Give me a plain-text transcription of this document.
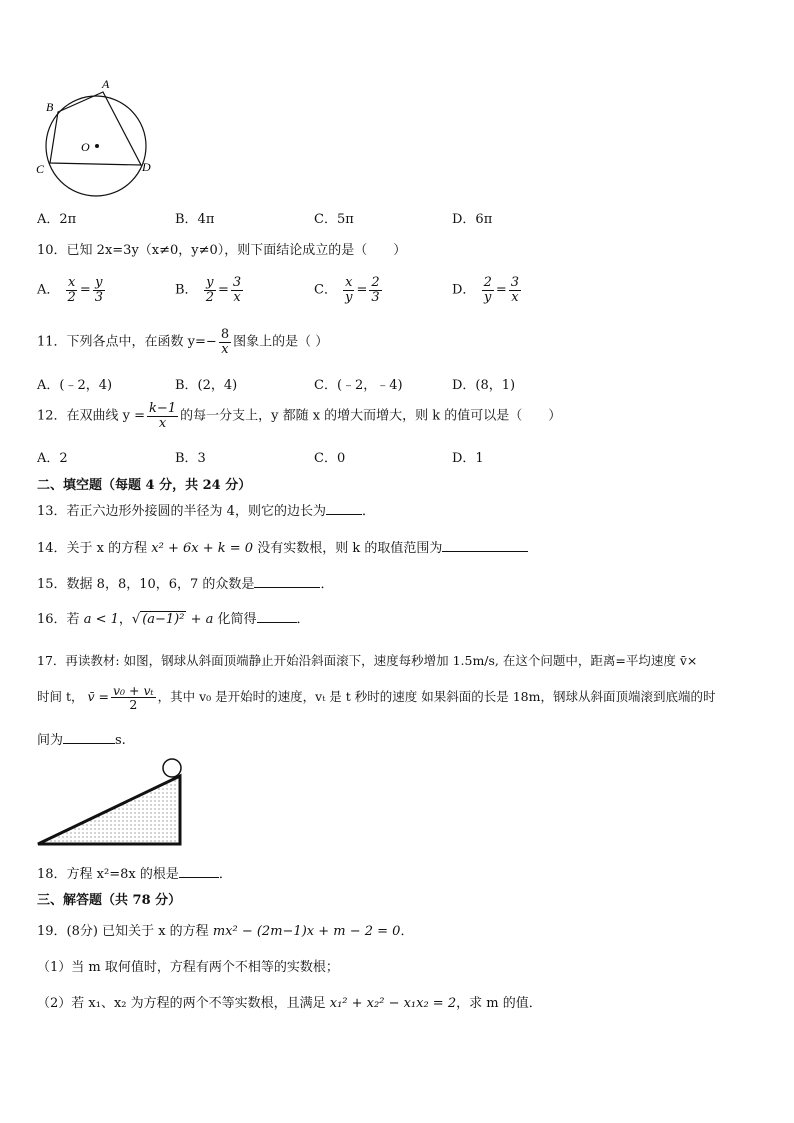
A
B
C	D
O
A．2π	B．4π	C．5π	D．6π
10．已知 2x=3y（x≠0，y≠0），则下面结论成立的是（　　）
A． $\frac{x}{2} = \frac{y}{3}$	B． $\frac{y}{2} = \frac{3}{x}$	C． $\frac{x}{y} = \frac{2}{3}$	D． $\frac{2}{y} = \frac{3}{x}$
11．下列各点中，在函数 $y=- \frac{8}{x}$ 图象上的是（ ）
A．(﹣2，4)	B．(2，4)	C．(﹣2，﹣4)	D．(8，1)
12．在双曲线 $y = \frac{k-1}{x}$ 的每一分支上，y 都随 x 的增大而增大，则 k 的值可以是（　　）
A．2	B．3	C．0	D．1
二、填空题（每题 4 分，共 24 分）
13．若正六边形外接圆的半径为 4，则它的边长为	．
14．关于 x 的方程 x² + 6x + k = 0 没有实数根，则 k 的取值范围为
15．数据 8，8，10，6，7 的众数是	．
16．若 a < 1，√ (a−1)² + a 化简得	．
17．再读教材: 如图，钢球从斜面顶端静止开始沿斜面滚下，速度每秒增加 1.5m/s, 在这个问题中，距离=平均速度 v̄×
时间 t， v̄ = $\frac{\text{v₀ + vₜ}}{2}$ ，其中 v₀ 是开始时的速度，vₜ 是 t 秒时的速度 如果斜面的长是 18m，钢球从斜面顶端滚到底端的时
间为	s.
18．方程 x²=8x 的根是	．
三、解答题（共 78 分）
19．(8分) 已知关于 x 的方程 mx² − (2m−1)x + m − 2 = 0．
（1）当 m 取何值时，方程有两个不相等的实数根；
（2）若 x₁、x₂ 为方程的两个不等实数根，且满足 x₁² + x₂² − x₁x₂ = 2，求 m 的值．
